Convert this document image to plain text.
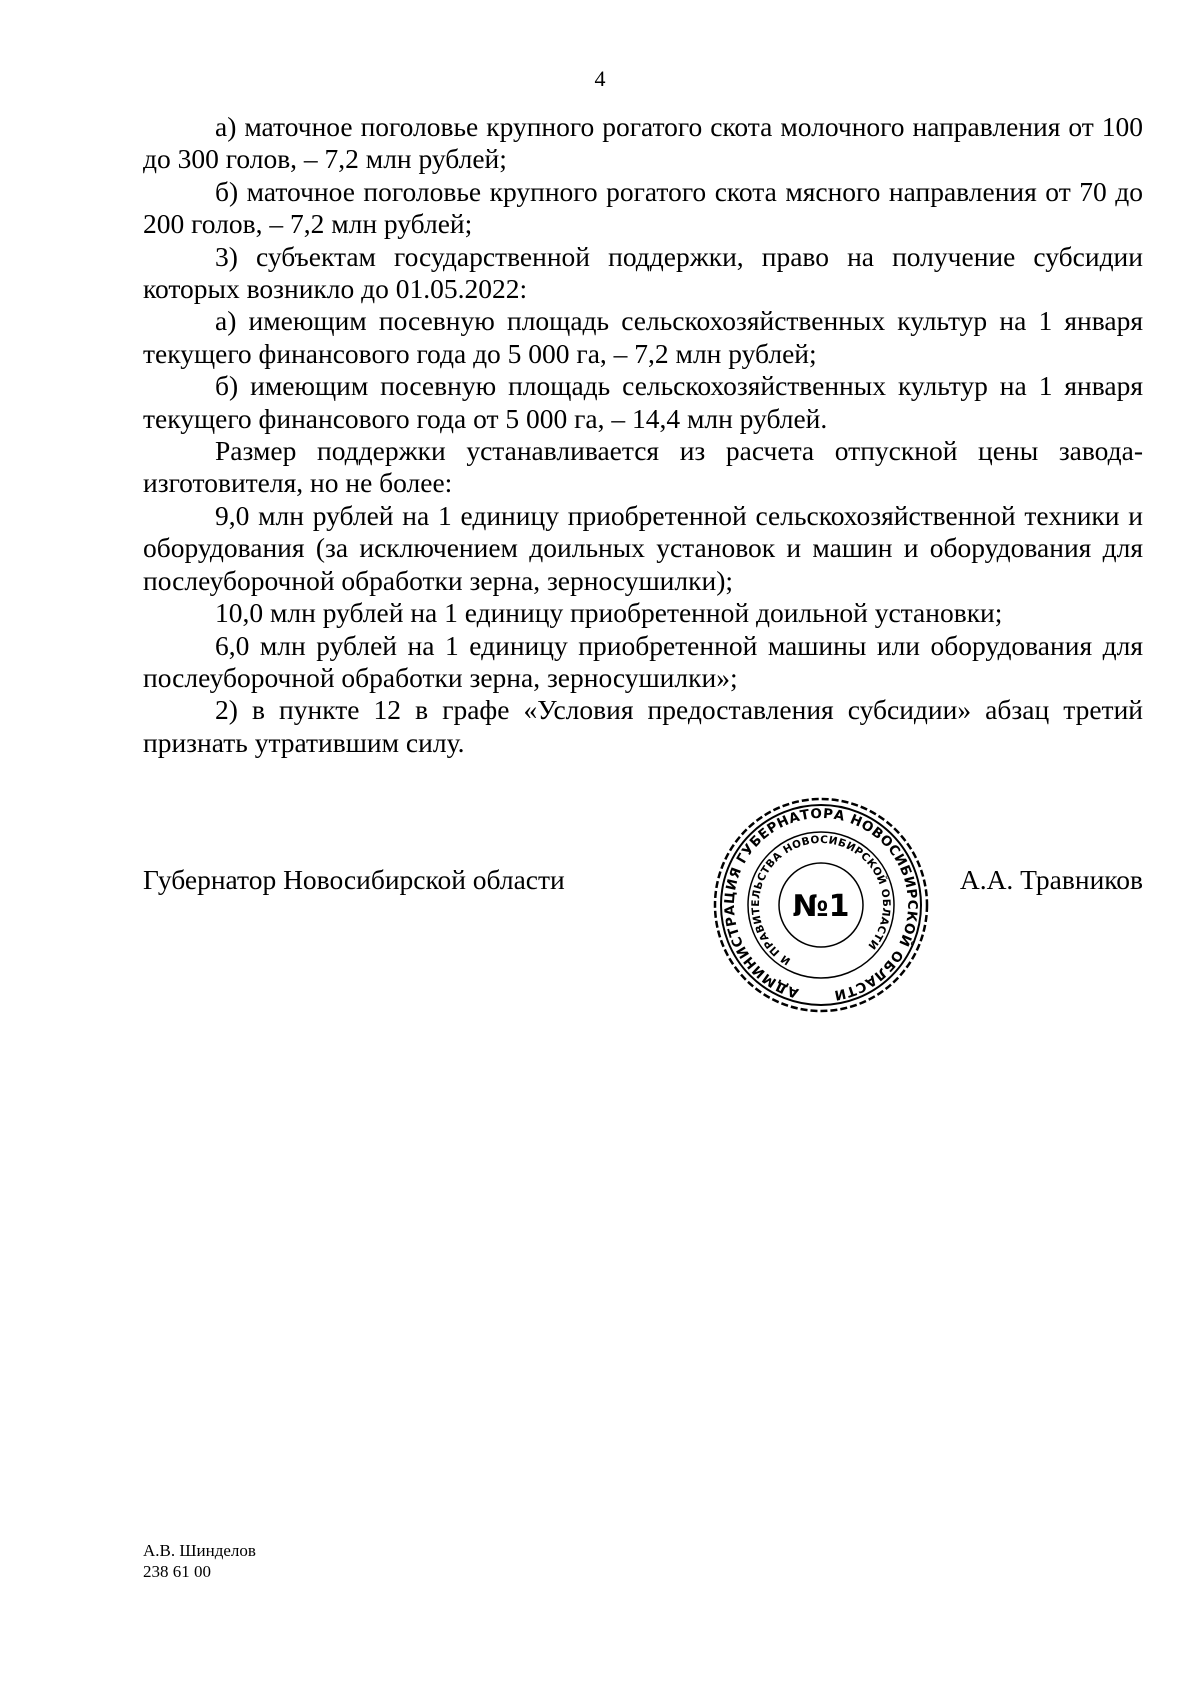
4

а) маточное поголовье крупного рогатого скота молочного направления от 100 до 300 голов, – 7,2 млн рублей;

б) маточное поголовье крупного рогатого скота мясного направления от 70 до 200 голов, – 7,2 млн рублей;

3) субъектам государственной поддержки, право на получение субсидии которых возникло до 01.05.2022:

а) имеющим посевную площадь сельскохозяйственных культур на 1 января текущего финансового года до 5 000 га, – 7,2 млн рублей;

б) имеющим посевную площадь сельскохозяйственных культур на 1 января текущего финансового года от 5 000 га, – 14,4 млн рублей.

Размер поддержки устанавливается из расчета отпускной цены завода-изготовителя, но не более:

9,0 млн рублей на 1 единицу приобретенной сельскохозяйственной техники и оборудования (за исключением доильных установок и машин и оборудования для послеуборочной обработки зерна, зерносушилки);

10,0 млн рублей на 1 единицу приобретенной доильной установки;

6,0 млн рублей на 1 единицу приобретенной машины или оборудования для послеуборочной обработки зерна, зерносушилки»;

2) в пункте 12 в графе «Условия предоставления субсидии» абзац третий признать утратившим силу.

Губернатор Новосибирской области
АДМИНИСТРАЦИЯ ГУБЕРНАТОРА НОВОСИБИРСКОЙ ОБЛАСТИ
И ПРАВИТЕЛЬСТВА НОВОСИБИРСКОЙ ОБЛАСТИ
№1
А.А. Травников
А.В. Шинделов
238 61 00
